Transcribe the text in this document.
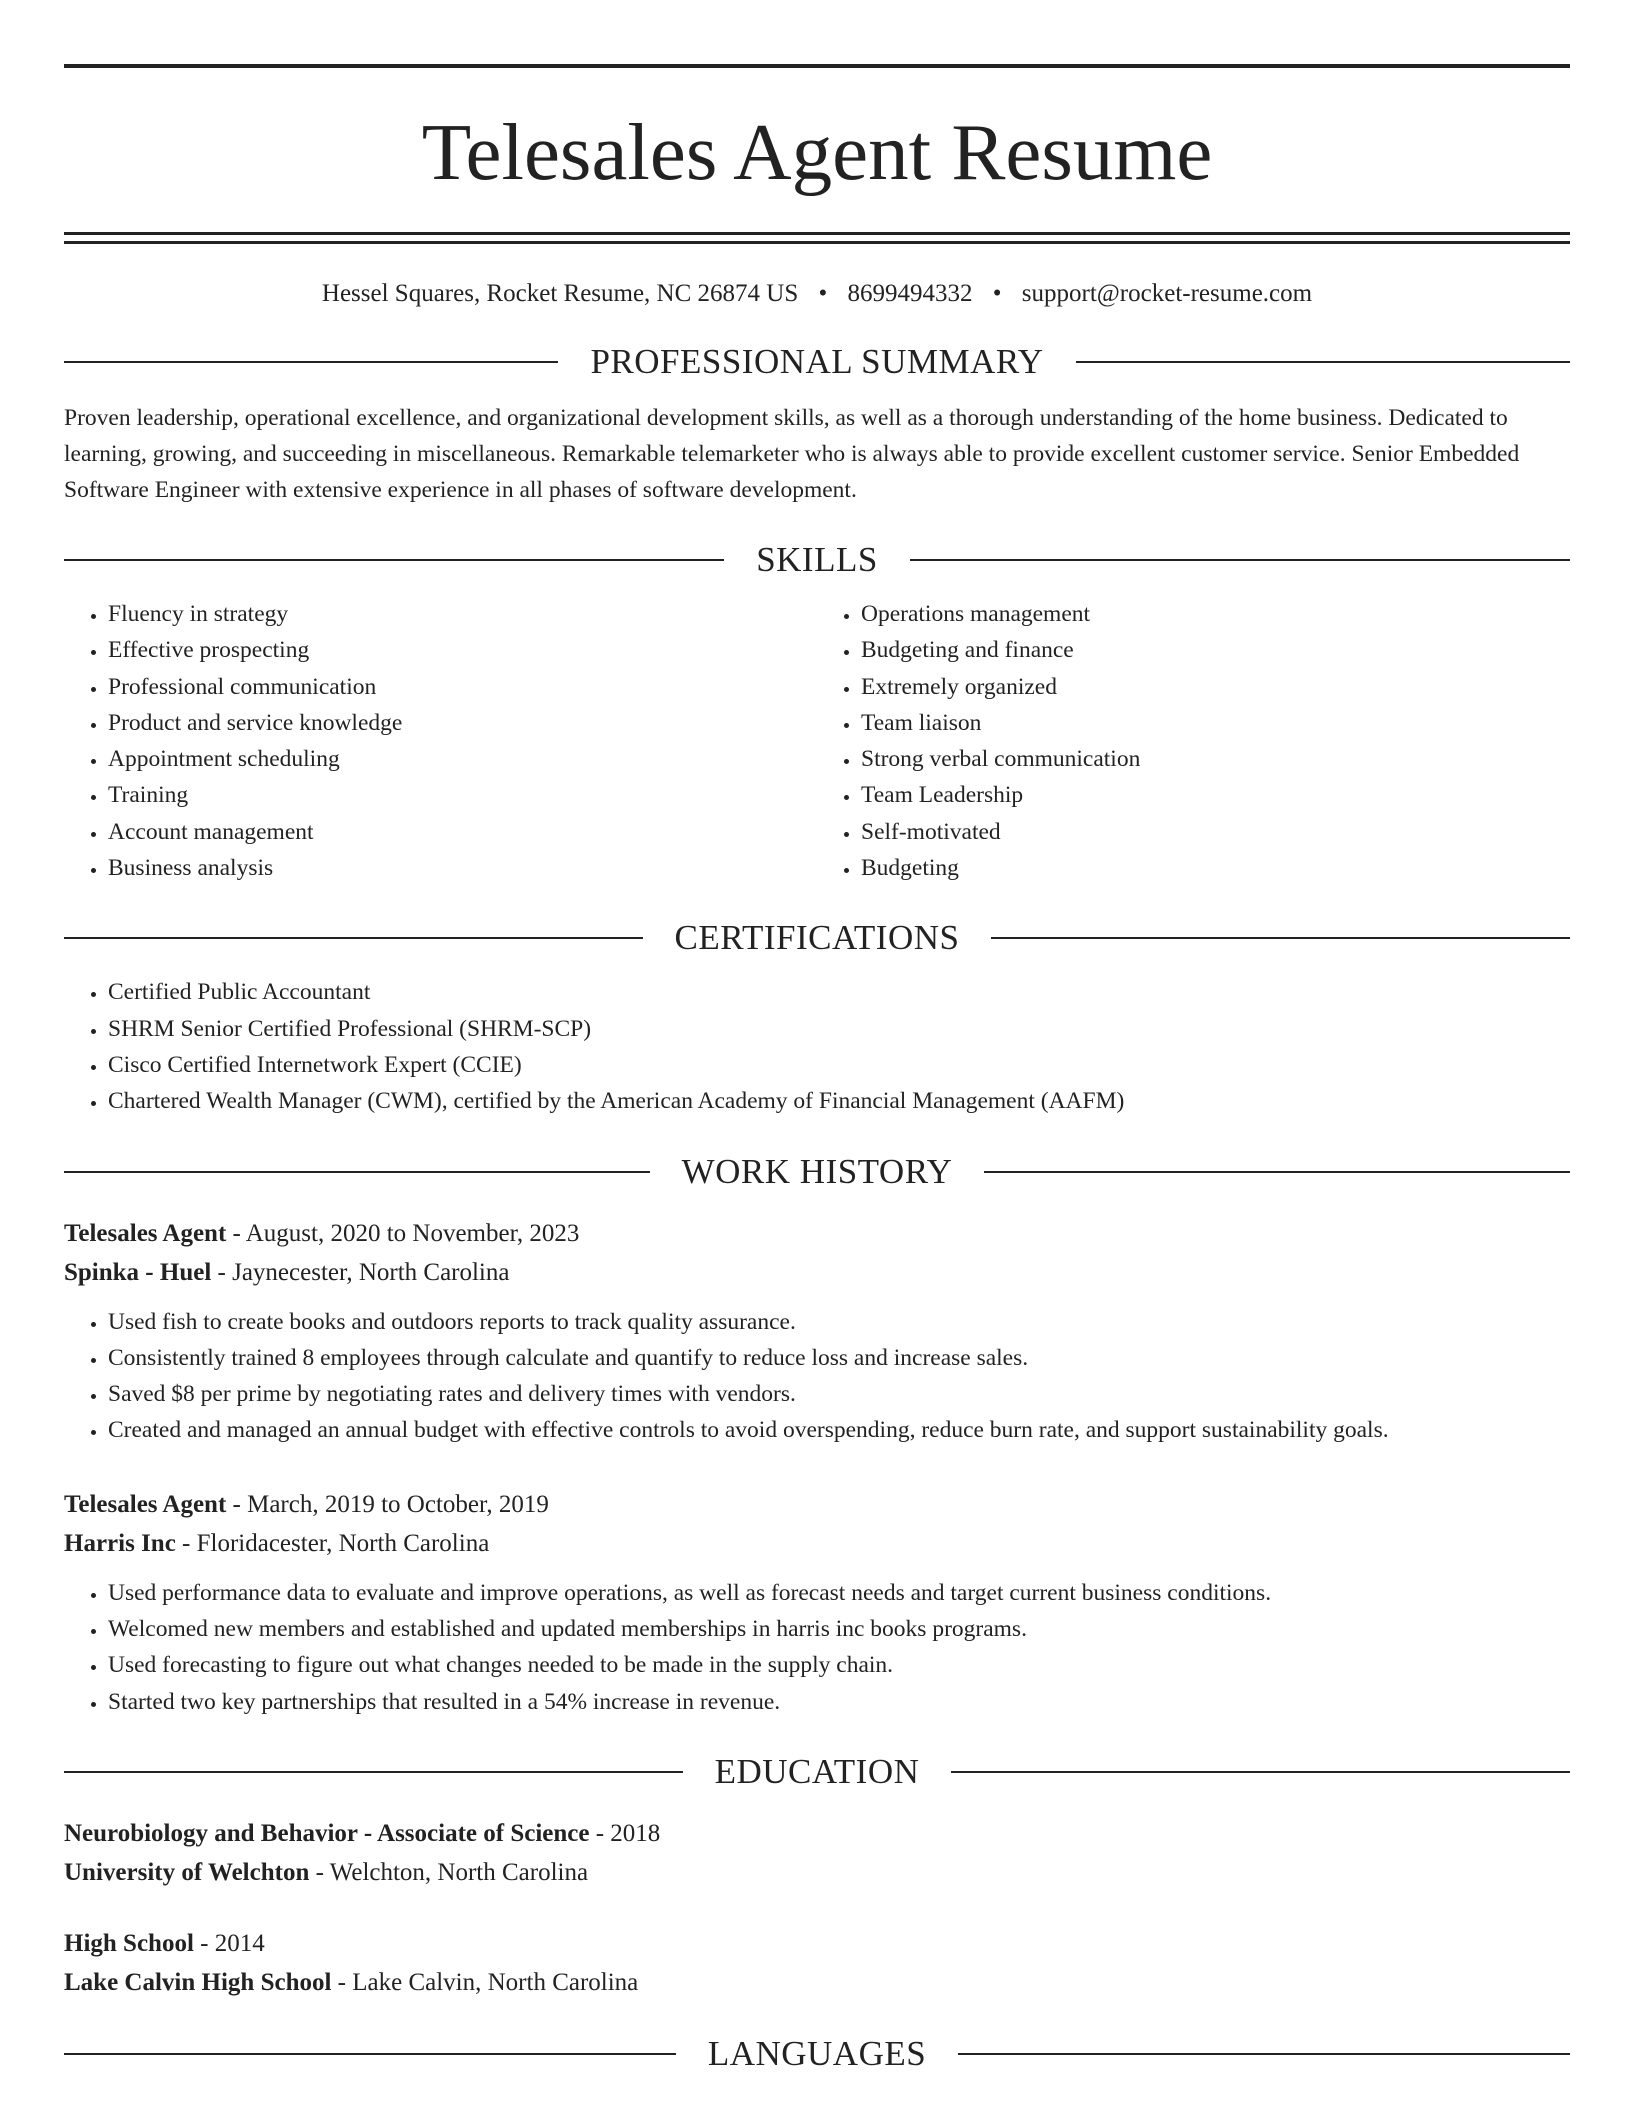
Telesales Agent Resume
Hessel Squares, Rocket Resume, NC 26874 US • 8699494332 • support@rocket-resume.com
PROFESSIONAL SUMMARY
Proven leadership, operational excellence, and organizational development skills, as well as a thorough understanding of the home business. Dedicated to learning, growing, and succeeding in miscellaneous. Remarkable telemarketer who is always able to provide excellent customer service. Senior Embedded Software Engineer with extensive experience in all phases of software development.
SKILLS
• Fluency in strategy
• Effective prospecting
• Professional communication
• Product and service knowledge
• Appointment scheduling
• Training
• Account management
• Business analysis
• Operations management
• Budgeting and finance
• Extremely organized
• Team liaison
• Strong verbal communication
• Team Leadership
• Self-motivated
• Budgeting
CERTIFICATIONS
• Certified Public Accountant
• SHRM Senior Certified Professional (SHRM-SCP)
• Cisco Certified Internetwork Expert (CCIE)
• Chartered Wealth Manager (CWM), certified by the American Academy of Financial Management (AAFM)
WORK HISTORY
Telesales Agent - August, 2020 to November, 2023
Spinka - Huel - Jaynecester, North Carolina
• Used fish to create books and outdoors reports to track quality assurance.
• Consistently trained 8 employees through calculate and quantify to reduce loss and increase sales.
• Saved $8 per prime by negotiating rates and delivery times with vendors.
• Created and managed an annual budget with effective controls to avoid overspending, reduce burn rate, and support sustainability goals.
Telesales Agent - March, 2019 to October, 2019
Harris Inc - Floridacester, North Carolina
• Used performance data to evaluate and improve operations, as well as forecast needs and target current business conditions.
• Welcomed new members and established and updated memberships in harris inc books programs.
• Used forecasting to figure out what changes needed to be made in the supply chain.
• Started two key partnerships that resulted in a 54% increase in revenue.
EDUCATION
Neurobiology and Behavior - Associate of Science - 2018
University of Welchton - Welchton, North Carolina
High School - 2014
Lake Calvin High School - Lake Calvin, North Carolina
LANGUAGES
